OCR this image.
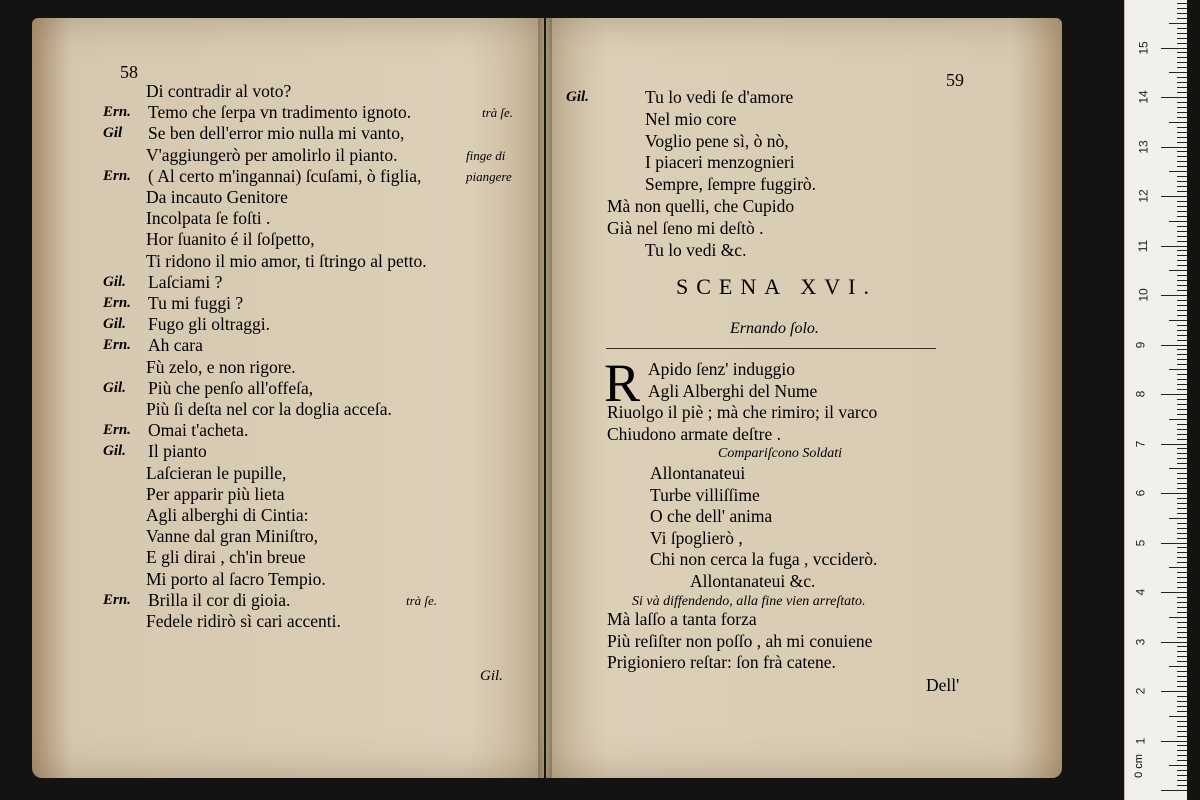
58
Di contradir al voto?
Ern. Temo che ſerpa vn tradimento ignoto.	trà ſe.
Gil Se ben dell'error mio nulla mi vanto,
V'aggiungerò per amolirlo il pianto.	finge di
Ern. ( Al certo m'ingannai) ſcuſami, ò figlia,	piangere
Da incauto Genitore
Incolpata ſe foſti .
Hor ſuanito é il ſoſpetto,
Ti ridono il mio amor, ti ſtringo al petto.
Gil. Laſciami ?
Ern. Tu mi fuggi ?
Gil. Fugo gli oltraggi.
Ern. Ah cara
Fù zelo, e non rigore.
Gil. Più che penſo all'offeſa,
Più ſi deſta nel cor la doglia acceſa.
Ern. Omai t'acheta.
Gil. Il pianto
Laſcieran le pupille,
Per apparir più lieta
Agli alberghi di Cintia:
Vanne dal gran Miniſtro,
E gli dirai , ch'in breue
Mi porto al ſacro Tempio.
Ern. Brilla il cor di gioia.	trà ſe.
Fedele ridirò sì cari accenti.
Gil.
59
Gil.	Tu lo vedi ſe d'amore
Nel mio core
Voglio pene sì, ò nò,
I piaceri menzognieri
Sempre, ſempre fuggirò.
Mà non quelli, che Cupido
Già nel ſeno mi deſtò .
Tu lo vedi &c.
SCENA XVI.
Ernando ſolo.
R Apido ſenz' induggio
Agli Alberghi del Nume
Riuolgo il piè ; mà che rimiro; il varco
Chiudono armate deſtre .
Compariſcono Soldati
Allontanateui
Turbe villiſſime
O che dell' anima
Vi ſpoglierò ,
Chi non cerca la fuga , vcciderò.
Allontanateui &c.
Si và diffendendo, alla fine vien arreſtato.
Mà laſſo a tanta forza
Più reſiſter non poſſo , ah mi conuiene
Prigioniero reſtar: ſon frà catene.
Dell'
1
2
3
4
5
6
7
8
9
10
11
12
13
14
15
0 cm
